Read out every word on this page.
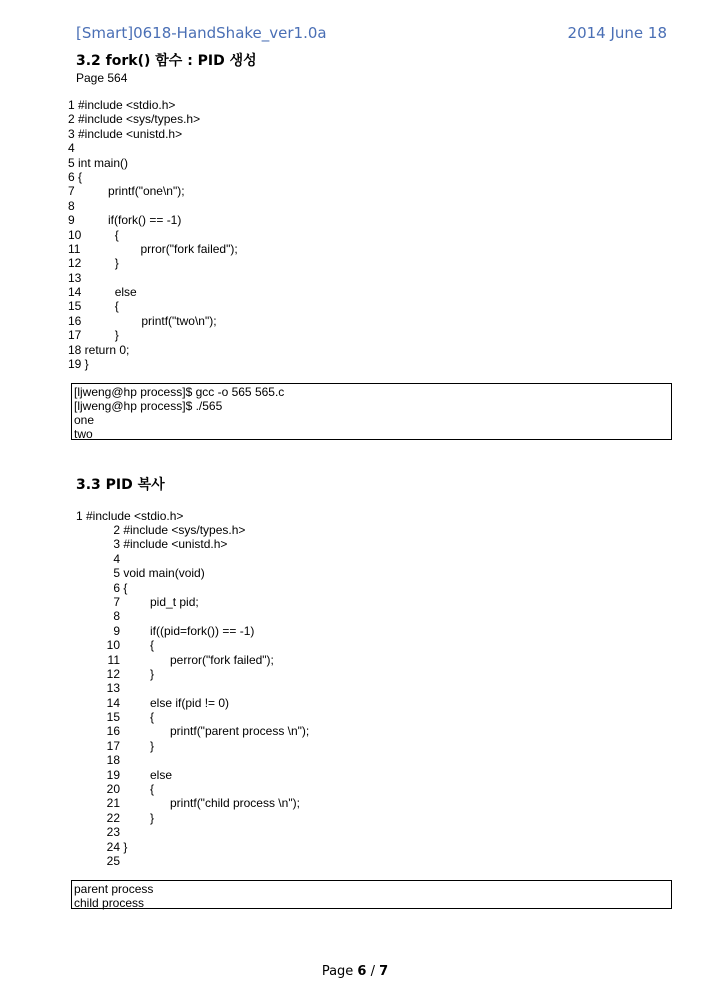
[Smart]0618-HandShake_ver1.0a	2014 June 18
3.2 fork() 함수 : PID 생성
Page 564
1 #include <stdio.h>
2 #include <sys/types.h>
3 #include <unistd.h>
4
5 int main()
6 {
7          printf("one\n");
8
9          if(fork() == -1)
10          {
11                  prror("fork failed");
12          }
13
14          else
15          {
16                  printf("two\n");
17          }
18 return 0;
19 }
[ljweng@hp process]$ gcc -o 565 565.c
[ljweng@hp process]$ ./565
one
two
3.3 PID 복사
1 #include <stdio.h>
2 #include <sys/types.h>
3 #include <unistd.h>
4
5 void main(void)
6 {
7         pid_t pid;
8
9         if((pid=fork()) == -1)
10         {
11               perror("fork failed");
12         }
13
14         else if(pid != 0)
15         {
16               printf("parent process \n");
17         }
18
19         else
20         {
21               printf("child process \n");
22         }
23
24 }
25
parent process
child process
Page 6 / 7
